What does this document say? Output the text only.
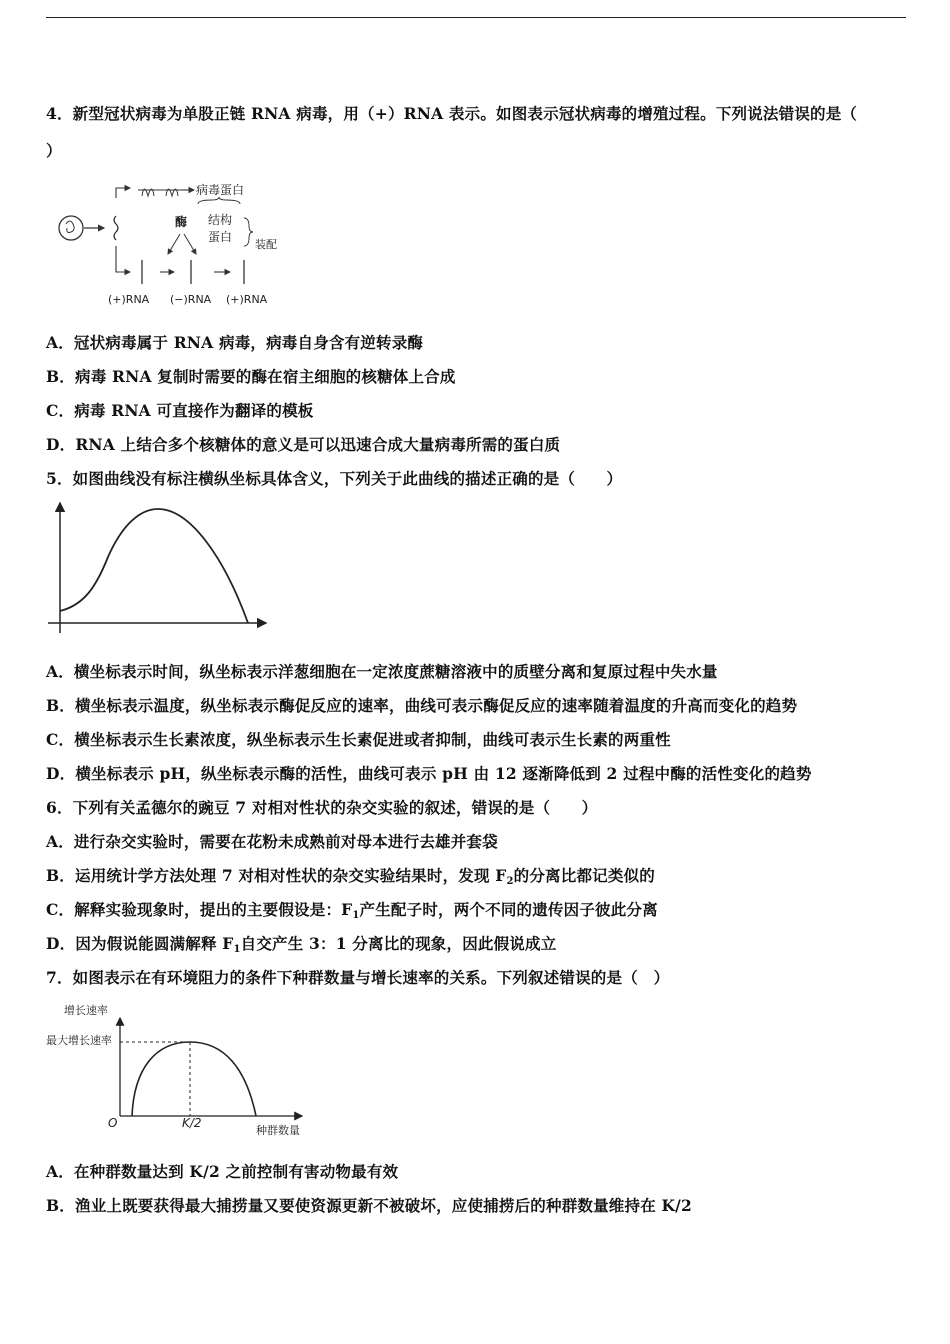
4．新型冠状病毒为单股正链 RNA 病毒，用（+）RNA 表示。如图表示冠状病毒的增殖过程。下列说法错误的是（
）
病毒蛋白
酶 结构
蛋白
装配
(+)RNA (−)RNA (+)RNA
A．冠状病毒属于 RNA 病毒，病毒自身含有逆转录酶
B．病毒 RNA 复制时需要的酶在宿主细胞的核糖体上合成
C．病毒 RNA 可直接作为翻译的模板
D．RNA 上结合多个核糖体的意义是可以迅速合成大量病毒所需的蛋白质
5．如图曲线没有标注横纵坐标具体含义，下列关于此曲线的描述正确的是（　　）
A．横坐标表示时间，纵坐标表示洋葱细胞在一定浓度蔗糖溶液中的质壁分离和复原过程中失水量
B．横坐标表示温度，纵坐标表示酶促反应的速率，曲线可表示酶促反应的速率随着温度的升高而变化的趋势
C．横坐标表示生长素浓度，纵坐标表示生长素促进或者抑制，曲线可表示生长素的两重性
D．横坐标表示 pH，纵坐标表示酶的活性，曲线可表示 pH 由 12 逐渐降低到 2 过程中酶的活性变化的趋势
6．下列有关孟德尔的豌豆 7 对相对性状的杂交实验的叙述，错误的是（　　）
A．进行杂交实验时，需要在花粉未成熟前对母本进行去雄并套袋
B．运用统计学方法处理 7 对相对性状的杂交实验结果时，发现 $F_2$的分离比都记类似的
C．解释实验现象时，提出的主要假设是：$F_1$产生配子时，两个不同的遗传因子彼此分离
D．因为假说能圆满解释 $F_1$自交产生 3：1 分离比的现象，因此假说成立
7．如图表示在有环境阻力的条件下种群数量与增长速率的关系。下列叙述错误的是（　）
增长速率
最大增长速率
O	K/2
种群数量
A．在种群数量达到 K/2 之前控制有害动物最有效
B．渔业上既要获得最大捕捞量又要使资源更新不被破坏，应使捕捞后的种群数量维持在 K/2
